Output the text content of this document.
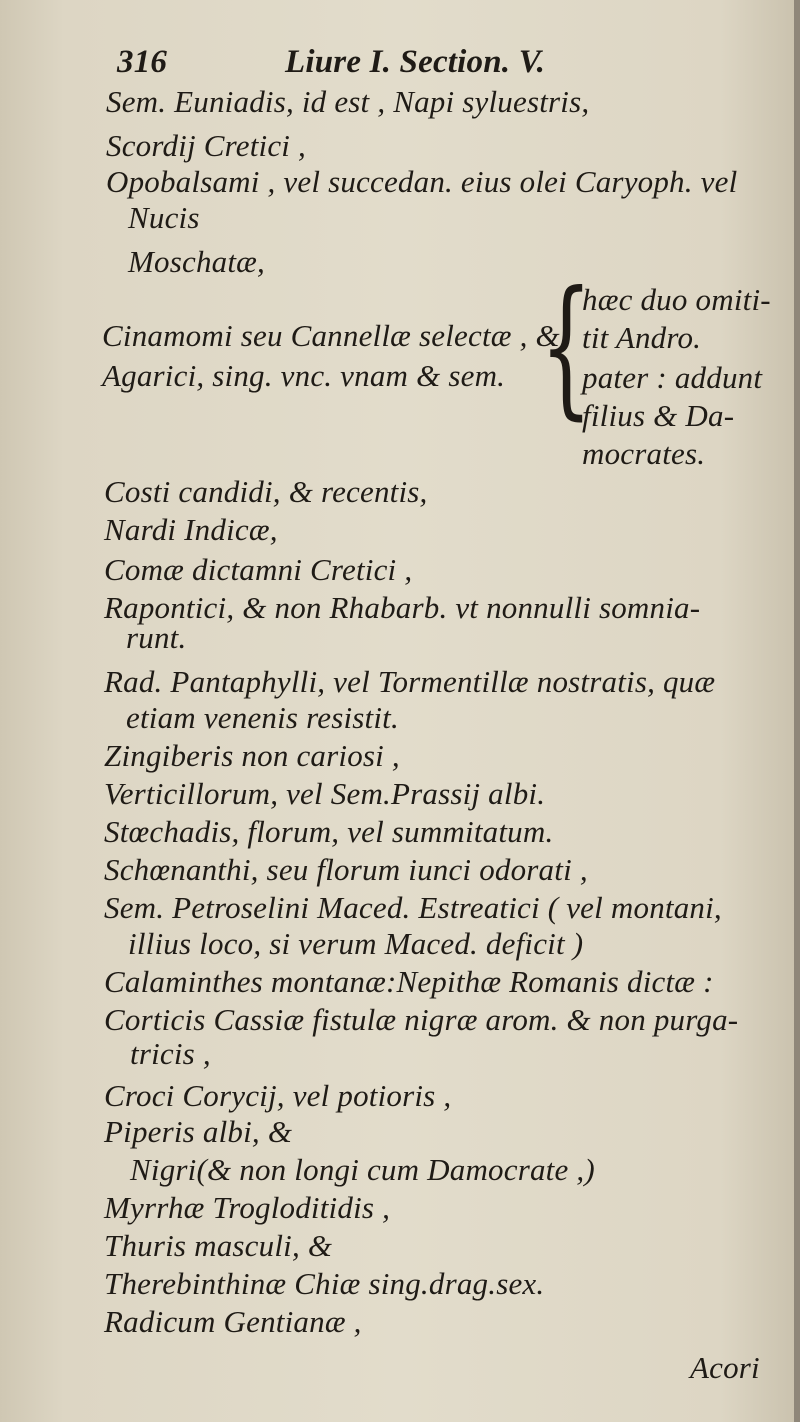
316	Liure I. Section. V.
Sem. Euniadis, id est , Napi syluestris,
Scordij Cretici ,
Opobalsami , vel succedan. eius olei Caryoph. vel
Nucis
Moschatæ,
Cinamomi seu Cannellæ selectæ , &
Agarici, sing. vnc. vnam & sem. {
hæc duo omiti-
tit Andro.
pater : addunt
filius & Da-
mocrates.
Costi candidi, & recentis,
Nardi Indicæ,
Comæ dictamni Cretici ,
Rapontici, & non Rhabarb. vt nonnulli somnia-
runt.
Rad. Pantaphylli, vel Tormentillæ nostratis, quæ
etiam venenis resistit.
Zingiberis non cariosi ,
Verticillorum, vel Sem.Prassij albi.
Stœchadis, florum, vel summitatum.
Schœnanthi, seu florum iunci odorati ,
Sem. Petroselini Maced. Estreatici ( vel montani,
illius loco, si verum Maced. deficit )
Calaminthes montanæ:Nepithæ Romanis dictæ :
Corticis Cassiæ fistulæ nigræ arom. & non purga-
tricis ,
Croci Corycij, vel potioris ,
Piperis albi, &
Nigri(& non longi cum Damocrate ,)
Myrrhæ Trogloditidis ,
Thuris masculi, &
Therebinthinæ Chiæ sing.drag.sex.
Radicum Gentianæ ,
Acori
